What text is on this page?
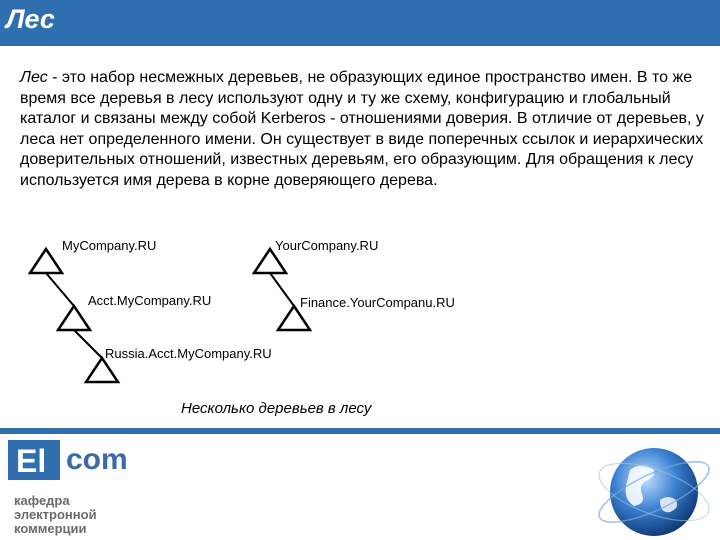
Лес
Лес - это набор несмежных деревьев, не образующих единое пространство имен. В то же время все деревья в лесу используют одну и ту же схему, конфигурацию и глобальный каталог и связаны между собой Kerberos - отношениями доверия. В отличие от деревьев, у леса нет определенного имени. Он существует в виде поперечных ссылок и иерархических доверительных отношений, известных деревьям, его образующим. Для обращения к лесу используется имя дерева в корне доверяющего дерева.
MyCompany.RU
Acct.MyCompany.RU
Russia.Acct.MyCompany.RU
YourCompany.RU
Finance.YourCompanu.RU
Несколько деревьев в лесу
El com
кафедра
электронной
коммерции
